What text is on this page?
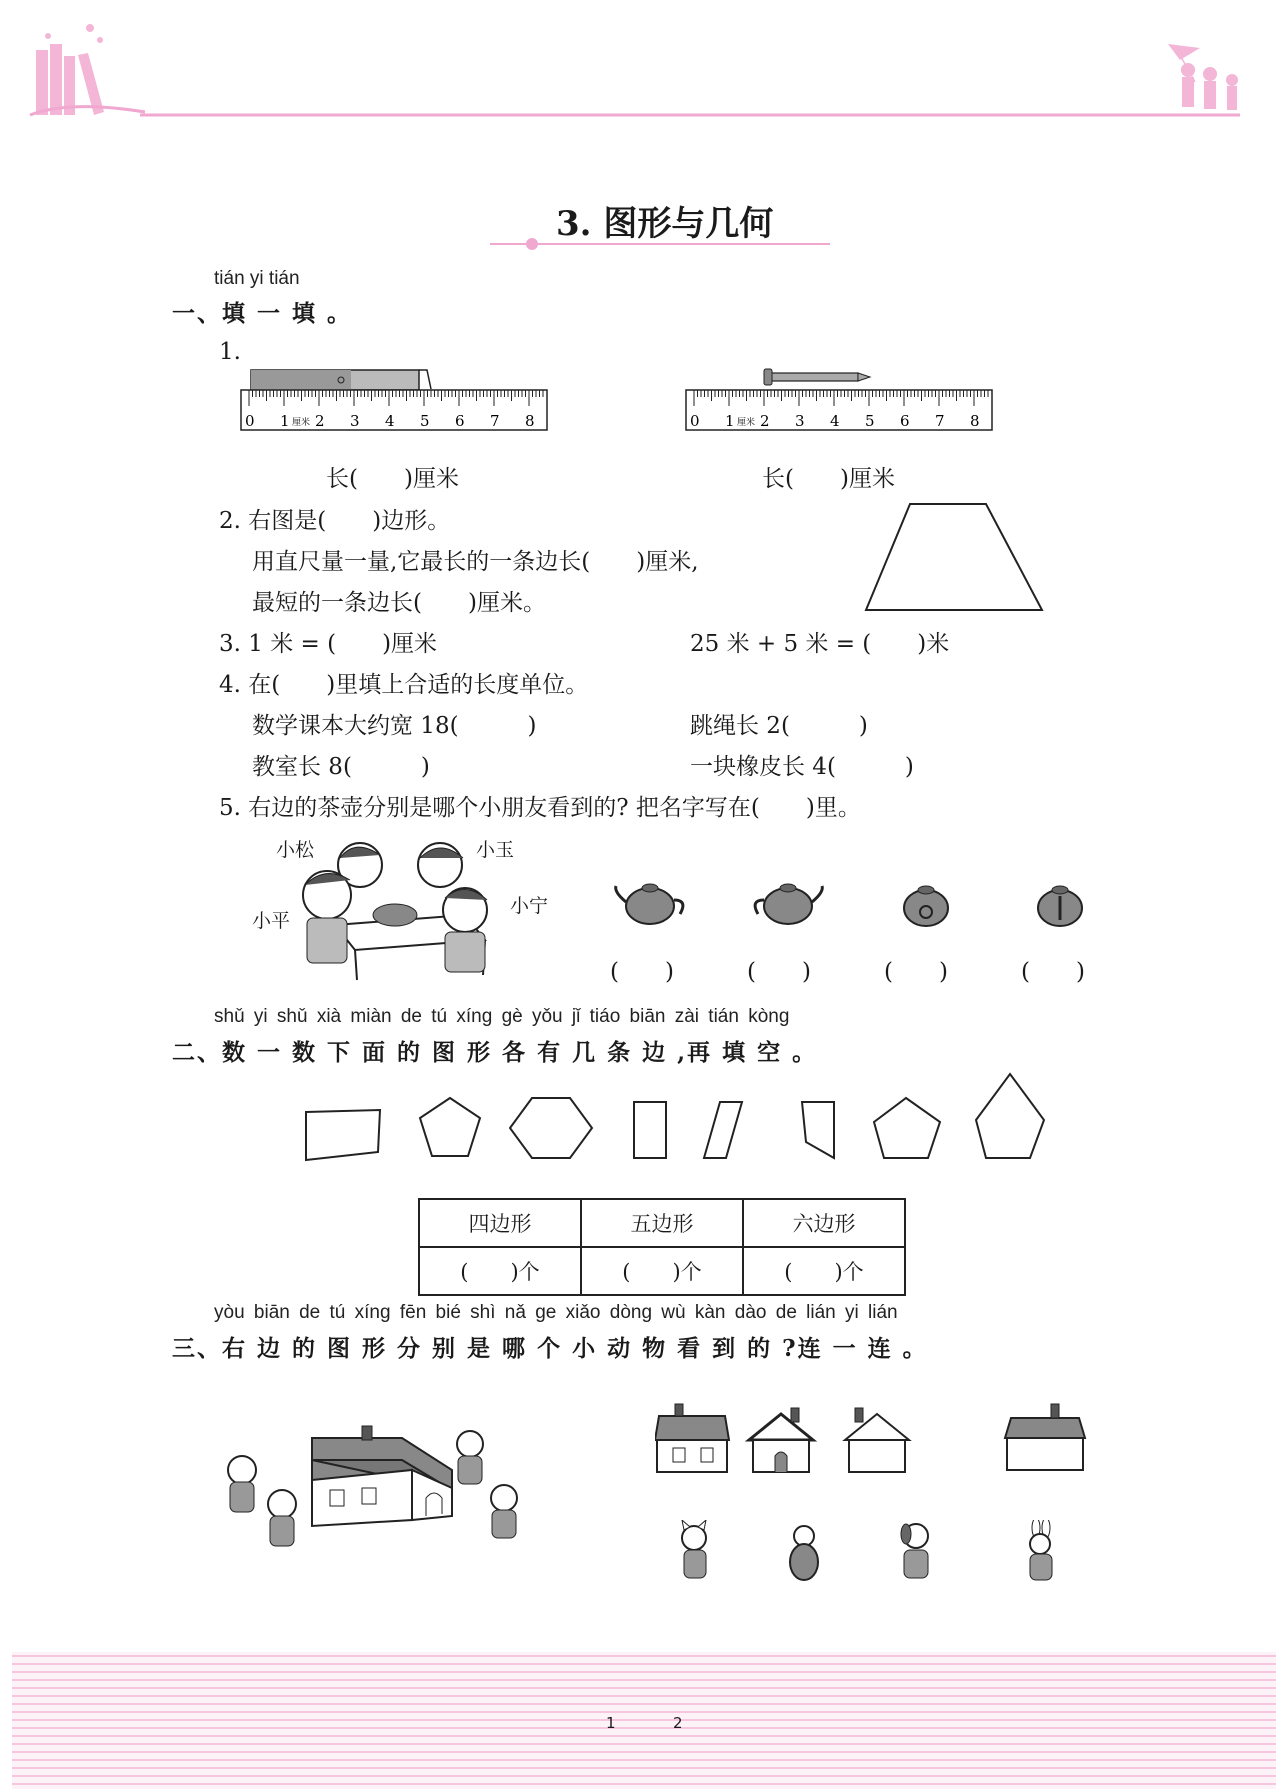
3. 图形与几何
tián yi tián
一、填 一 填 。
1.
0 1 2 3 4 5 6 7 8
厘米	0 1 2 3 4 5 6 7 8
厘米
长(　　)厘米	长(　　)厘米
2. 右图是(　　)边形。
用直尺量一量,它最长的一条边长(　　)厘米,
最短的一条边长(　　)厘米。
3. 1 米 = (　　)厘米	25 米 + 5 米 = (　　)米
4. 在(　　)里填上合适的长度单位。
数学课本大约宽 18(　　　)	跳绳长 2(　　　)
教室长 8(　　　)	一块橡皮长 4(　　　)
5. 右边的茶壶分别是哪个小朋友看到的? 把名字写在(　　)里。
小松	小玉
小平
小宁
(　　)	(　　)	(　　)	(　　)
shǔ yi shǔ xià miàn de tú xíng gè yǒu jǐ tiáo biān zài tián kòng
二、数 一 数 下 面 的 图 形 各 有 几 条 边 ,再 填 空 。
四边形	五边形	六边形
(　　)个	(　　)个	(　　)个
yòu biān de tú xíng fēn bié shì nǎ ge xiǎo dòng wù kàn dào de lián yi lián
三、右 边 的 图 形 分 别 是 哪 个 小 动 物 看 到 的 ?连 一 连 。
1	2
